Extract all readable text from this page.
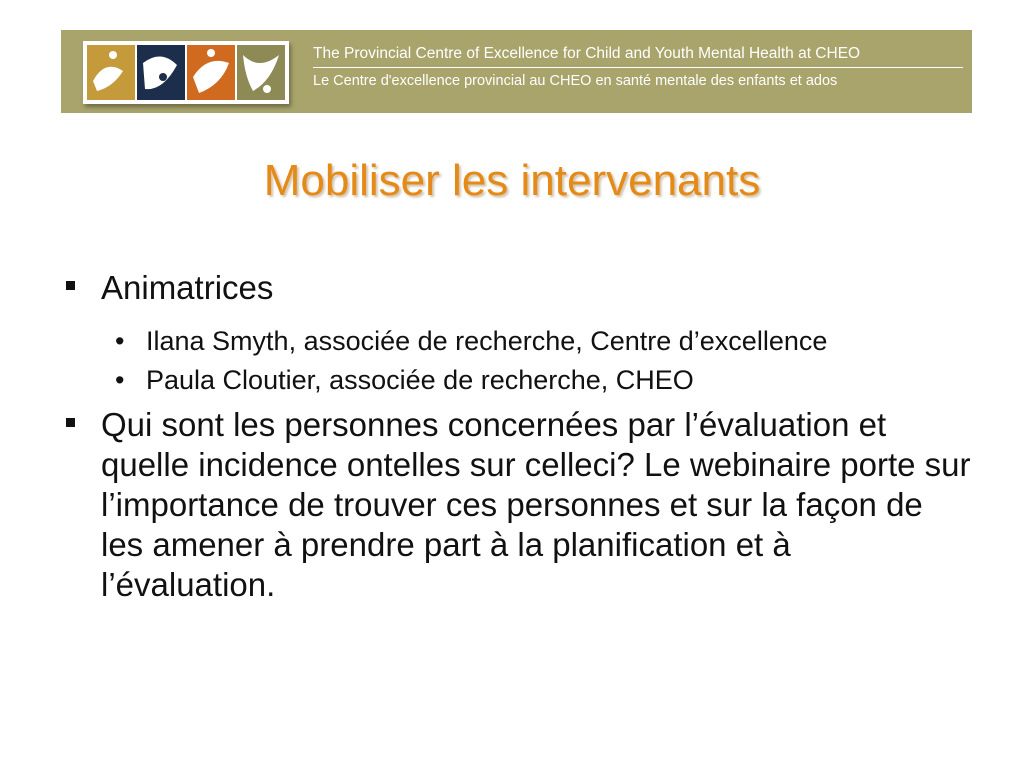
The Provincial Centre of Excellence for Child and Youth Mental Health at CHEO
Le Centre d'excellence provincial au CHEO en santé mentale des enfants et ados
Mobiliser les intervenants
Animatrices
• Ilana Smyth, associée de recherche, Centre d’excellence
• Paula Cloutier, associée de recherche, CHEO
Qui sont les personnes concernées par l’évaluation et quelle incidence ontelles sur celleci? Le webinaire porte sur l’importance de trouver ces personnes et sur la façon de les amener à prendre part à la planification et à l’évaluation.
